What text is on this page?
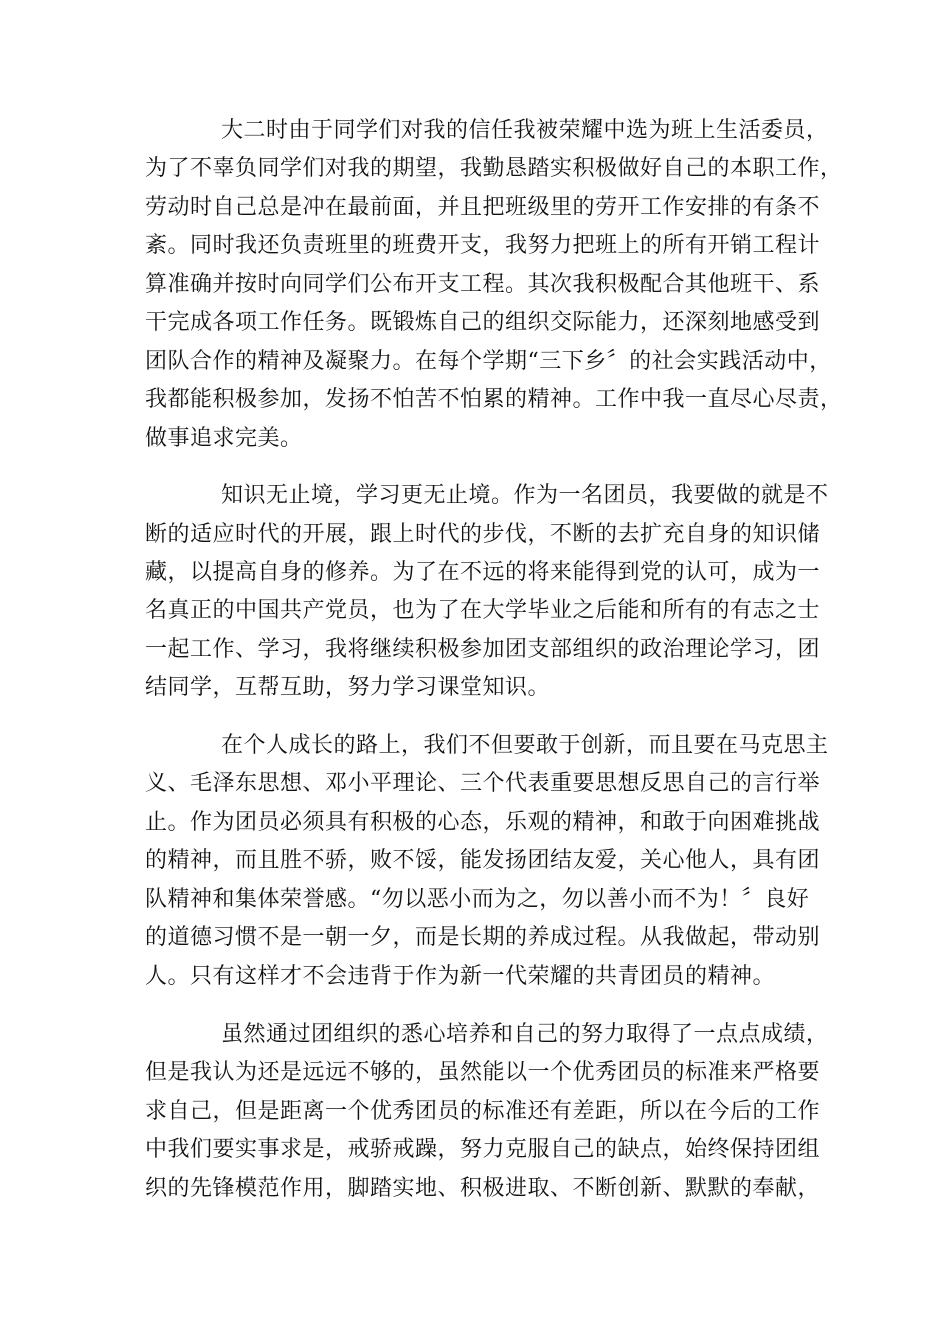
大二时由于同学们对我的信任我被荣耀中选为班上生活委员，
为了不辜负同学们对我的期望，我勤恳踏实积极做好自己的本职工作，
劳动时自己总是冲在最前面，并且把班级里的劳开工作安排的有条不
紊。同时我还负责班里的班费开支，我努力把班上的所有开销工程计
算准确并按时向同学们公布开支工程。其次我积极配合其他班干、系
干完成各项工作任务。既锻炼自己的组织交际能力，还深刻地感受到
团队合作的精神及凝聚力。在每个学期“三下乡〞的社会实践活动中，
我都能积极参加，发扬不怕苦不怕累的精神。工作中我一直尽心尽责，
做事追求完美。
知识无止境，学习更无止境。作为一名团员，我要做的就是不
断的适应时代的开展，跟上时代的步伐，不断的去扩充自身的知识储
藏，以提高自身的修养。为了在不远的将来能得到党的认可，成为一
名真正的中国共产党员，也为了在大学毕业之后能和所有的有志之士
一起工作、学习，我将继续积极参加团支部组织的政治理论学习，团
结同学，互帮互助，努力学习课堂知识。
在个人成长的路上，我们不但要敢于创新，而且要在马克思主
义、毛泽东思想、邓小平理论、三个代表重要思想反思自己的言行举
止。作为团员必须具有积极的心态，乐观的精神，和敢于向困难挑战
的精神，而且胜不骄，败不馁，能发扬团结友爱，关心他人，具有团
队精神和集体荣誉感。“勿以恶小而为之，勿以善小而不为！〞良好
的道德习惯不是一朝一夕，而是长期的养成过程。从我做起，带动别
人。只有这样才不会违背于作为新一代荣耀的共青团员的精神。
虽然通过团组织的悉心培养和自己的努力取得了一点点成绩，
但是我认为还是远远不够的，虽然能以一个优秀团员的标准来严格要
求自己，但是距离一个优秀团员的标准还有差距，所以在今后的工作
中我们要实事求是，戒骄戒躁，努力克服自己的缺点，始终保持团组
织的先锋模范作用，脚踏实地、积极进取、不断创新、默默的奉献，
